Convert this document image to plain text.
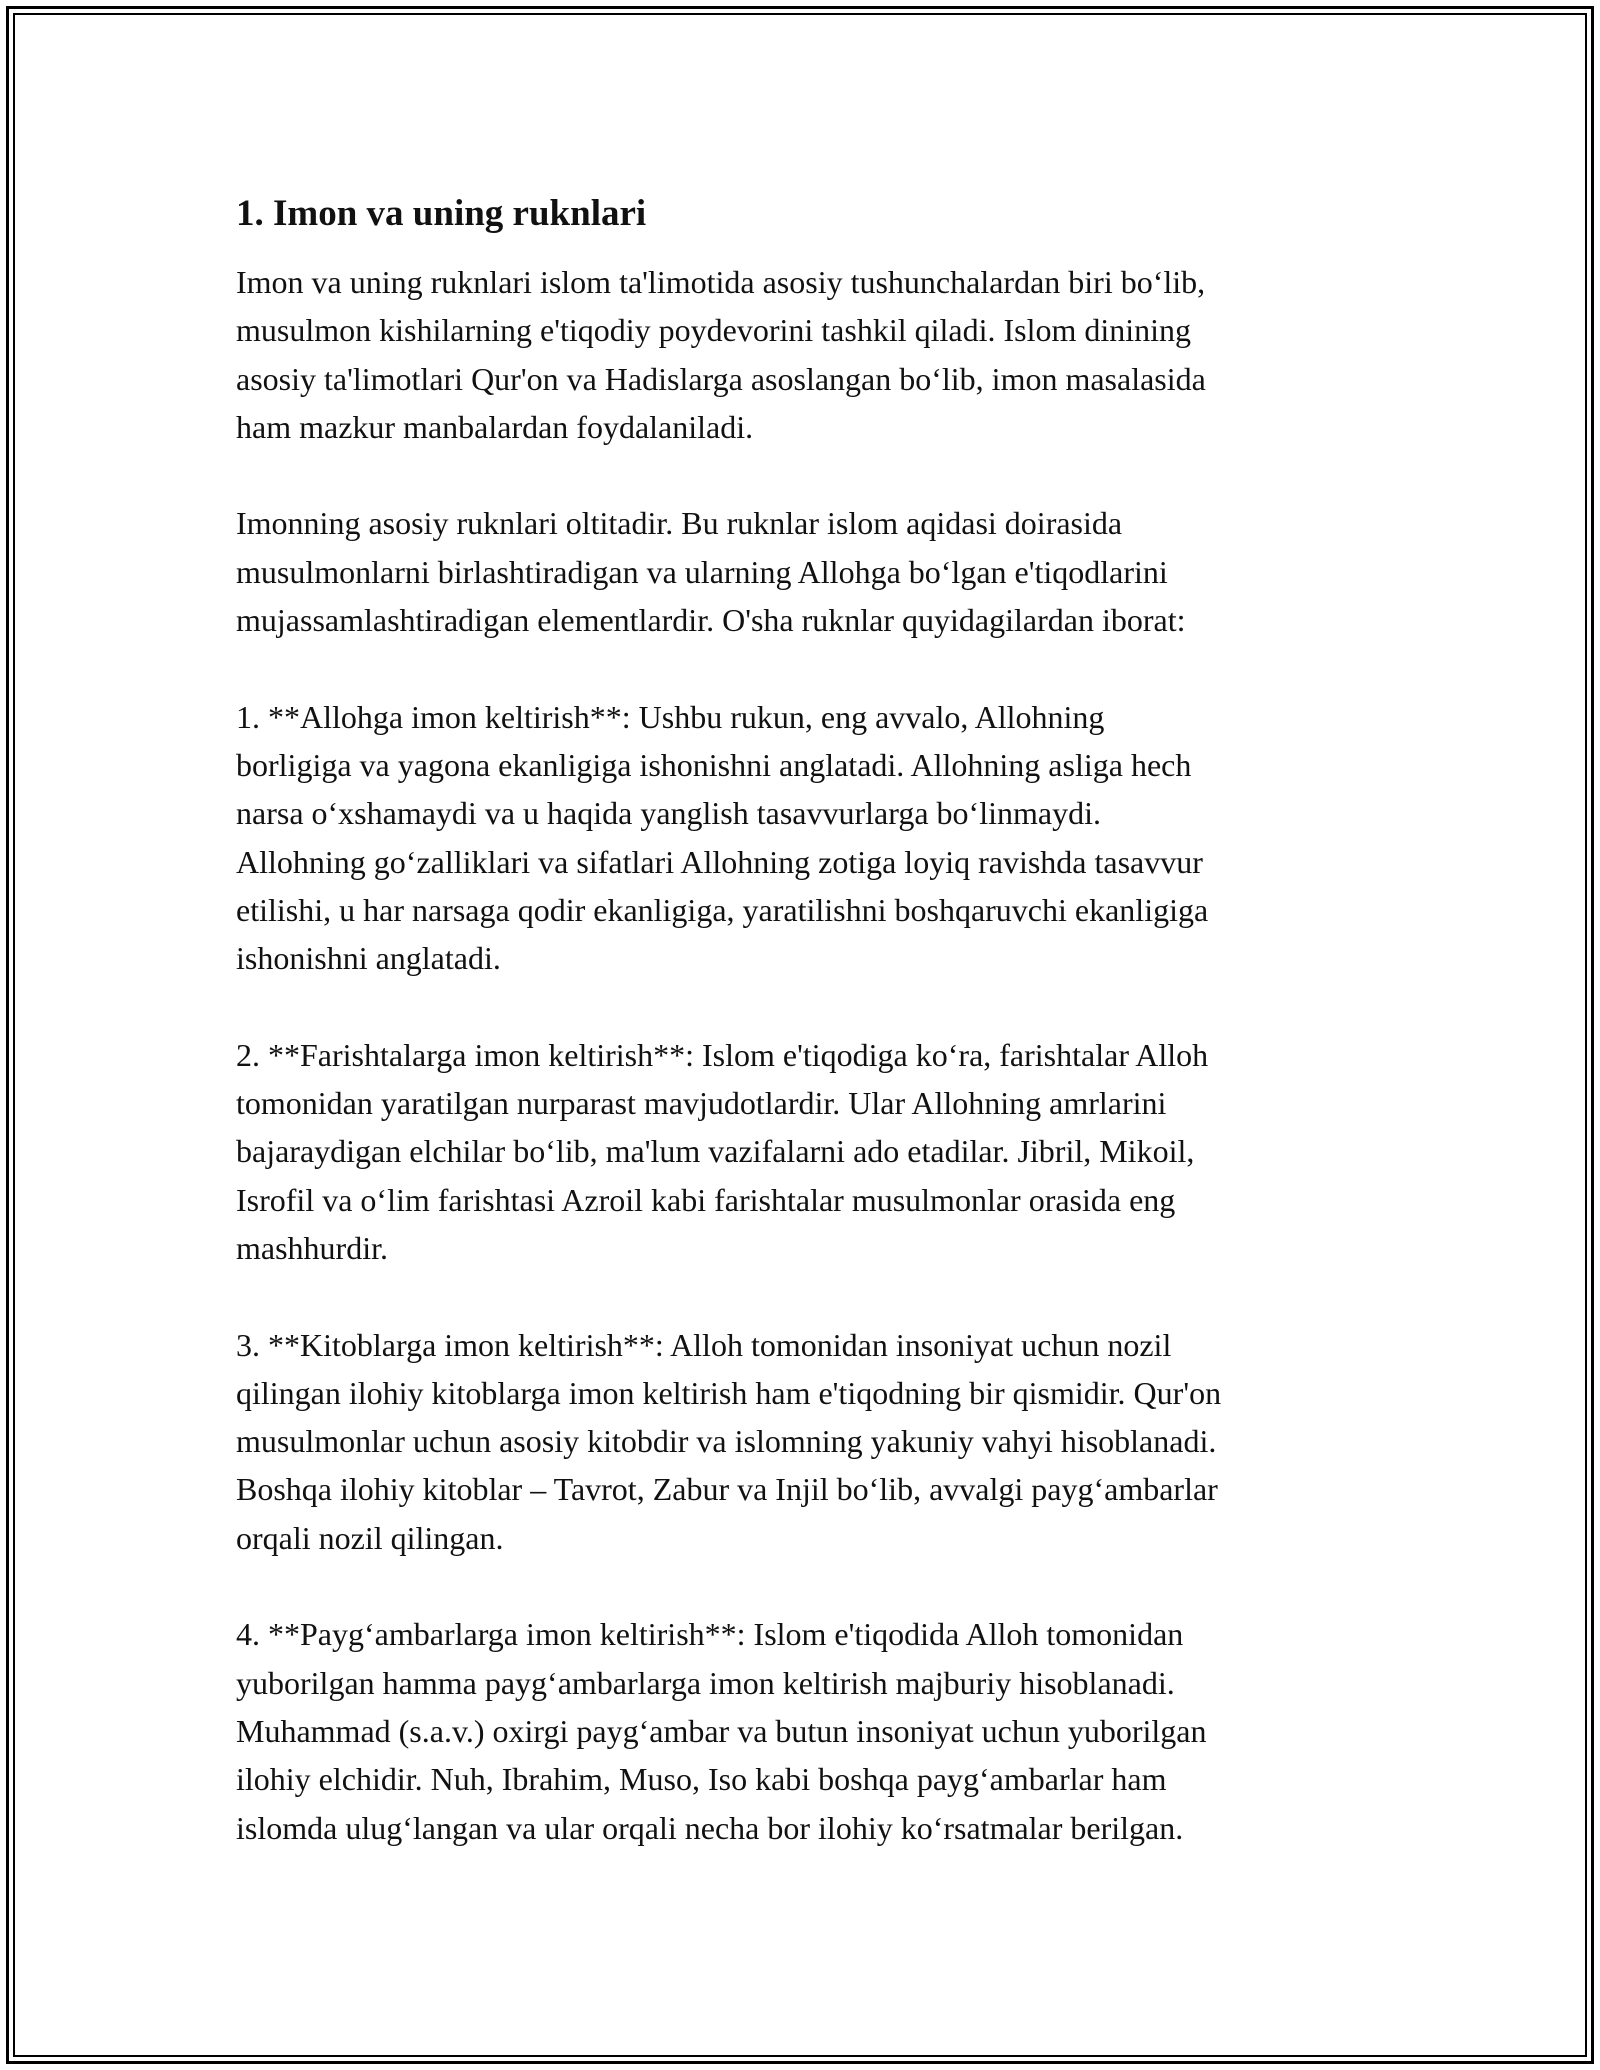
1. Imon va uning ruknlari
Imon va uning ruknlari islom ta'limotida asosiy tushunchalardan biri bo‘lib,
musulmon kishilarning e'tiqodiy poydevorini tashkil qiladi. Islom dinining
asosiy ta'limotlari Qur'on va Hadislarga asoslangan bo‘lib, imon masalasida
ham mazkur manbalardan foydalaniladi.
Imonning asosiy ruknlari oltitadir. Bu ruknlar islom aqidasi doirasida
musulmonlarni birlashtiradigan va ularning Allohga bo‘lgan e'tiqodlarini
mujassamlashtiradigan elementlardir. O'sha ruknlar quyidagilardan iborat:
1. **Allohga imon keltirish**: Ushbu rukun, eng avvalo, Allohning
borligiga va yagona ekanligiga ishonishni anglatadi. Allohning asliga hech
narsa o‘xshamaydi va u haqida yanglish tasavvurlarga bo‘linmaydi.
Allohning go‘zalliklari va sifatlari Allohning zotiga loyiq ravishda tasavvur
etilishi, u har narsaga qodir ekanligiga, yaratilishni boshqaruvchi ekanligiga
ishonishni anglatadi.
2. **Farishtalarga imon keltirish**: Islom e'tiqodiga ko‘ra, farishtalar Alloh
tomonidan yaratilgan nurparast mavjudotlardir. Ular Allohning amrlarini
bajaraydigan elchilar bo‘lib, ma'lum vazifalarni ado etadilar. Jibril, Mikoil,
Isrofil va o‘lim farishtasi Azroil kabi farishtalar musulmonlar orasida eng
mashhurdir.
3. **Kitoblarga imon keltirish**: Alloh tomonidan insoniyat uchun nozil
qilingan ilohiy kitoblarga imon keltirish ham e'tiqodning bir qismidir. Qur'on
musulmonlar uchun asosiy kitobdir va islomning yakuniy vahyi hisoblanadi.
Boshqa ilohiy kitoblar – Tavrot, Zabur va Injil bo‘lib, avvalgi payg‘ambarlar
orqali nozil qilingan.
4. **Payg‘ambarlarga imon keltirish**: Islom e'tiqodida Alloh tomonidan
yuborilgan hamma payg‘ambarlarga imon keltirish majburiy hisoblanadi.
Muhammad (s.a.v.) oxirgi payg‘ambar va butun insoniyat uchun yuborilgan
ilohiy elchidir. Nuh, Ibrahim, Muso, Iso kabi boshqa payg‘ambarlar ham
islomda ulug‘langan va ular orqali necha bor ilohiy ko‘rsatmalar berilgan.
